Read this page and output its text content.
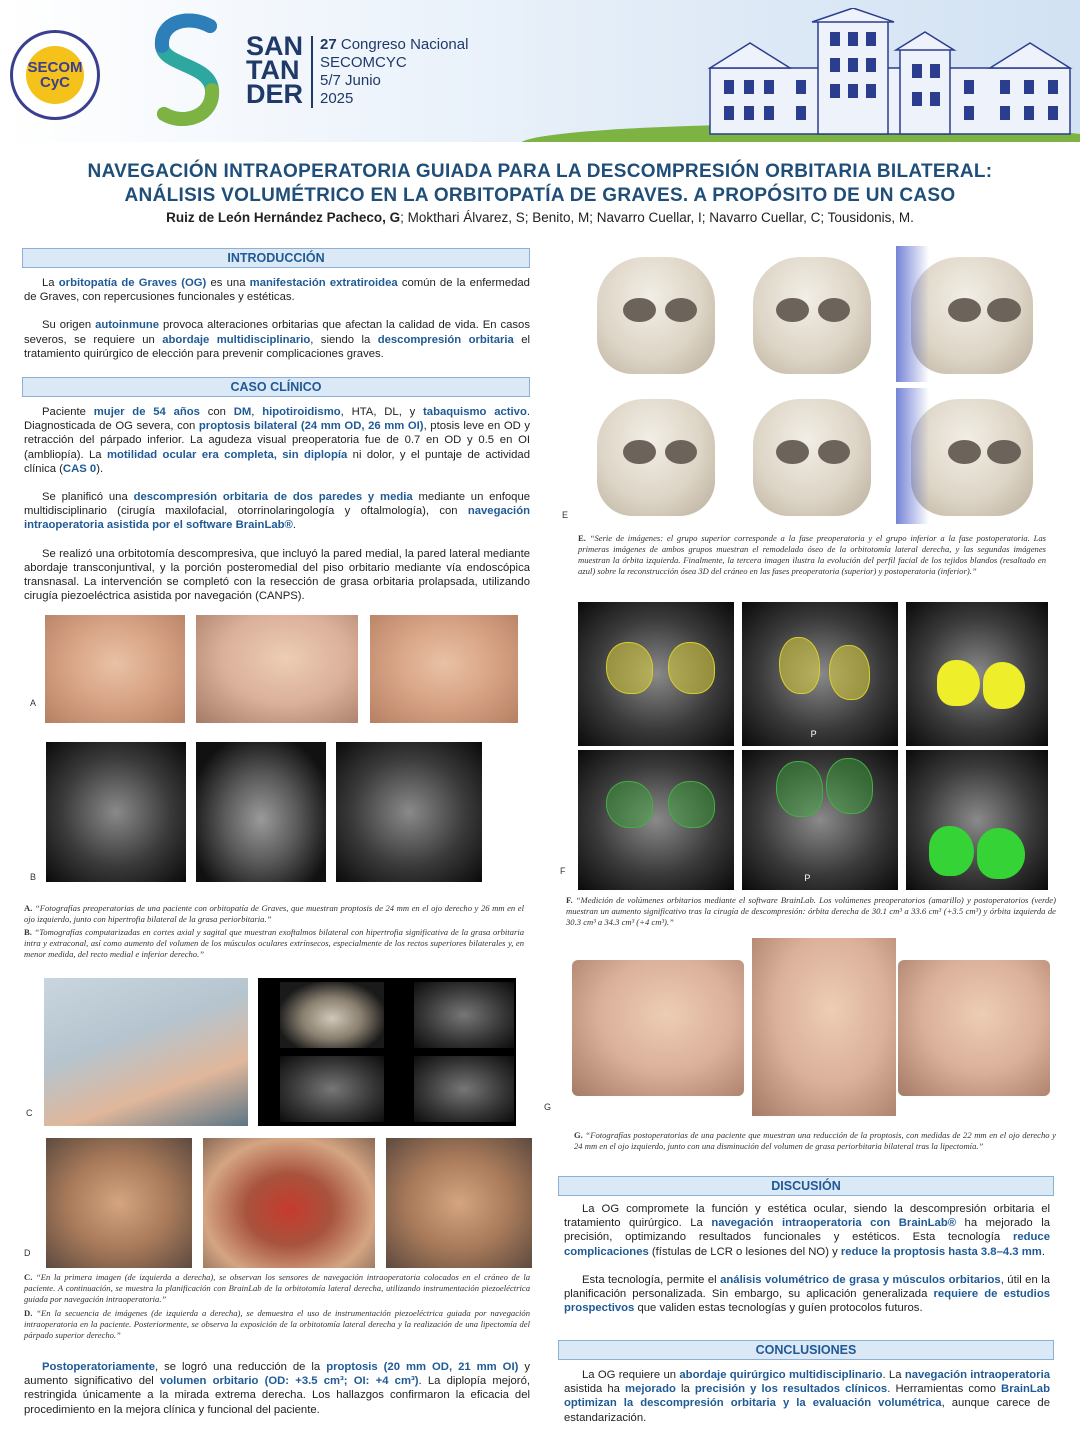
SECOM
CyC
SAN
TAN
DER
27 Congreso Nacional
SECOMCYC
5/7 Junio
2025
NAVEGACIÓN INTRAOPERATORIA GUIADA PARA LA DESCOMPRESIÓN ORBITARIA BILATERAL:
ANÁLISIS VOLUMÉTRICO EN LA ORBITOPATÍA DE GRAVES. A PROPÓSITO DE UN CASO
Ruiz de León Hernández Pacheco, G; Mokthari Álvarez, S; Benito, M; Navarro Cuellar, I; Navarro Cuellar, C; Tousidonis, M.
INTRODUCCIÓN

La orbitopatía de Graves (OG) es una manifestación extratiroidea común de la enfermedad de Graves, con repercusiones funcionales y estéticas.

Su origen autoinmune provoca alteraciones orbitarias que afectan la calidad de vida. En casos severos, se requiere un abordaje multidisciplinario, siendo la descompresión orbitaria el tratamiento quirúrgico de elección para prevenir complicaciones graves.

CASO CLÍNICO

Paciente mujer de 54 años con DM, hipotiroidismo, HTA, DL, y tabaquismo activo. Diagnosticada de OG severa, con proptosis bilateral (24 mm OD, 26 mm OI), ptosis leve en OD y retracción del párpado inferior. La agudeza visual preoperatoria fue de 0.7 en OD y 0.5 en OI (ambliopía). La motilidad ocular era completa, sin diplopía ni dolor, y el puntaje de actividad clínica (CAS 0).

Se planificó una descompresión orbitaria de dos paredes y media mediante un enfoque multidisciplinario (cirugía maxilofacial, otorrinolaringología y oftalmología), con navegación intraoperatoria asistida por el software BrainLab®.

Se realizó una orbitotomía descompresiva, que incluyó la pared medial, la pared lateral mediante abordaje transconjuntival, y la porción posteromedial del piso orbitario mediante vía endoscópica transnasal. La intervención se completó con la resección de grasa orbitaria prolapsada, utilizando cirugía piezoeléctrica asistida por navegación (CANPS).

A
B
A. “Fotografías preoperatorias de una paciente con orbitopatía de Graves, que muestran proptosis de 24 mm en el ojo derecho y 26 mm en el ojo izquierdo, junto con hipertrofia bilateral de la grasa periorbitaria.”
B. “Tomografías computarizadas en cortes axial y sagital que muestran exoftalmos bilateral con hipertrofia significativa de la grasa orbitaria intra y extraconal, así como aumento del volumen de los músculos oculares extrínsecos, especialmente de los rectos superiores bilaterales y, en menor medida, del recto medial e inferior derecho.”
C
D
C. “En la primera imagen (de izquierda a derecha), se observan los sensores de navegación intraoperatoria colocados en el cráneo de la paciente. A continuación, se muestra la planificación con BrainLab de la orbitotomía lateral derecha, utilizando instrumentación piezoeléctrica guiada por navegación intraoperatoria.”
D. “En la secuencia de imágenes (de izquierda a derecha), se demuestra el uso de instrumentación piezoeléctrica guiada por navegación intraoperatoria en la paciente. Posteriormente, se observa la exposición de la orbitotomía lateral derecha y la realización de una lipectomía del párpado superior derecho.”

Postoperatoriamente, se logró una reducción de la proptosis (20 mm OD, 21 mm OI) y aumento significativo del volumen orbitario (OD: +3.5 cm³; OI: +4 cm³). La diplopía mejoró, restringida únicamente a la mirada extrema derecha. Los hallazgos confirmaron la eficacia del procedimiento en la mejora clínica y funcional del paciente.

E
E. “Serie de imágenes: el grupo superior corresponde a la fase preoperatoria y el grupo inferior a la fase postoperatoria. Las primeras imágenes de ambos grupos muestran el remodelado óseo de la orbitotomía lateral derecha, y las segundas imágenes muestran la órbita izquierda. Finalmente, la tercera imagen ilustra la evolución del perfil facial de los tejidos blandos (resaltado en azul) sobre la reconstrucción ósea 3D del cráneo en las fases preoperatoria (superior) y postoperatoria (inferior).”
P
P
F
F. “Medición de volúmenes orbitarios mediante el software BrainLab. Los volúmenes preoperatorios (amarillo) y postoperatorios (verde) muestran un aumento significativo tras la cirugía de descompresión: órbita derecha de 30.1 cm³ a 33.6 cm³ (+3.5 cm³) y órbita izquierda de 30.3 cm³ a 34.3 cm³ (+4 cm³).”
G
G. “Fotografías postoperatorias de una paciente que muestran una reducción de la proptosis, con medidas de 22 mm en el ojo derecho y 24 mm en el ojo izquierdo, junto con una disminución del volumen de grasa periorbitaria bilateral tras la lipectomía.”
DISCUSIÓN

La OG compromete la función y estética ocular, siendo la descompresión orbitaria el tratamiento quirúrgico. La navegación intraoperatoria con BrainLab® ha mejorado la precisión, optimizando resultados funcionales y estéticos. Esta tecnología reduce complicaciones (fístulas de LCR o lesiones del NO) y reduce la proptosis hasta 3.8–4.3 mm.

Esta tecnología, permite el análisis volumétrico de grasa y músculos orbitarios, útil en la planificación personalizada. Sin embargo, su aplicación generalizada requiere de estudios prospectivos que validen estas tecnologías y guíen protocolos futuros.

CONCLUSIONES

La OG requiere un abordaje quirúrgico multidisciplinario. La navegación intraoperatoria asistida ha mejorado la precisión y los resultados clínicos. Herramientas como BrainLab optimizan la descompresión orbitaria y la evaluación volumétrica, aunque carece de estandarización.
